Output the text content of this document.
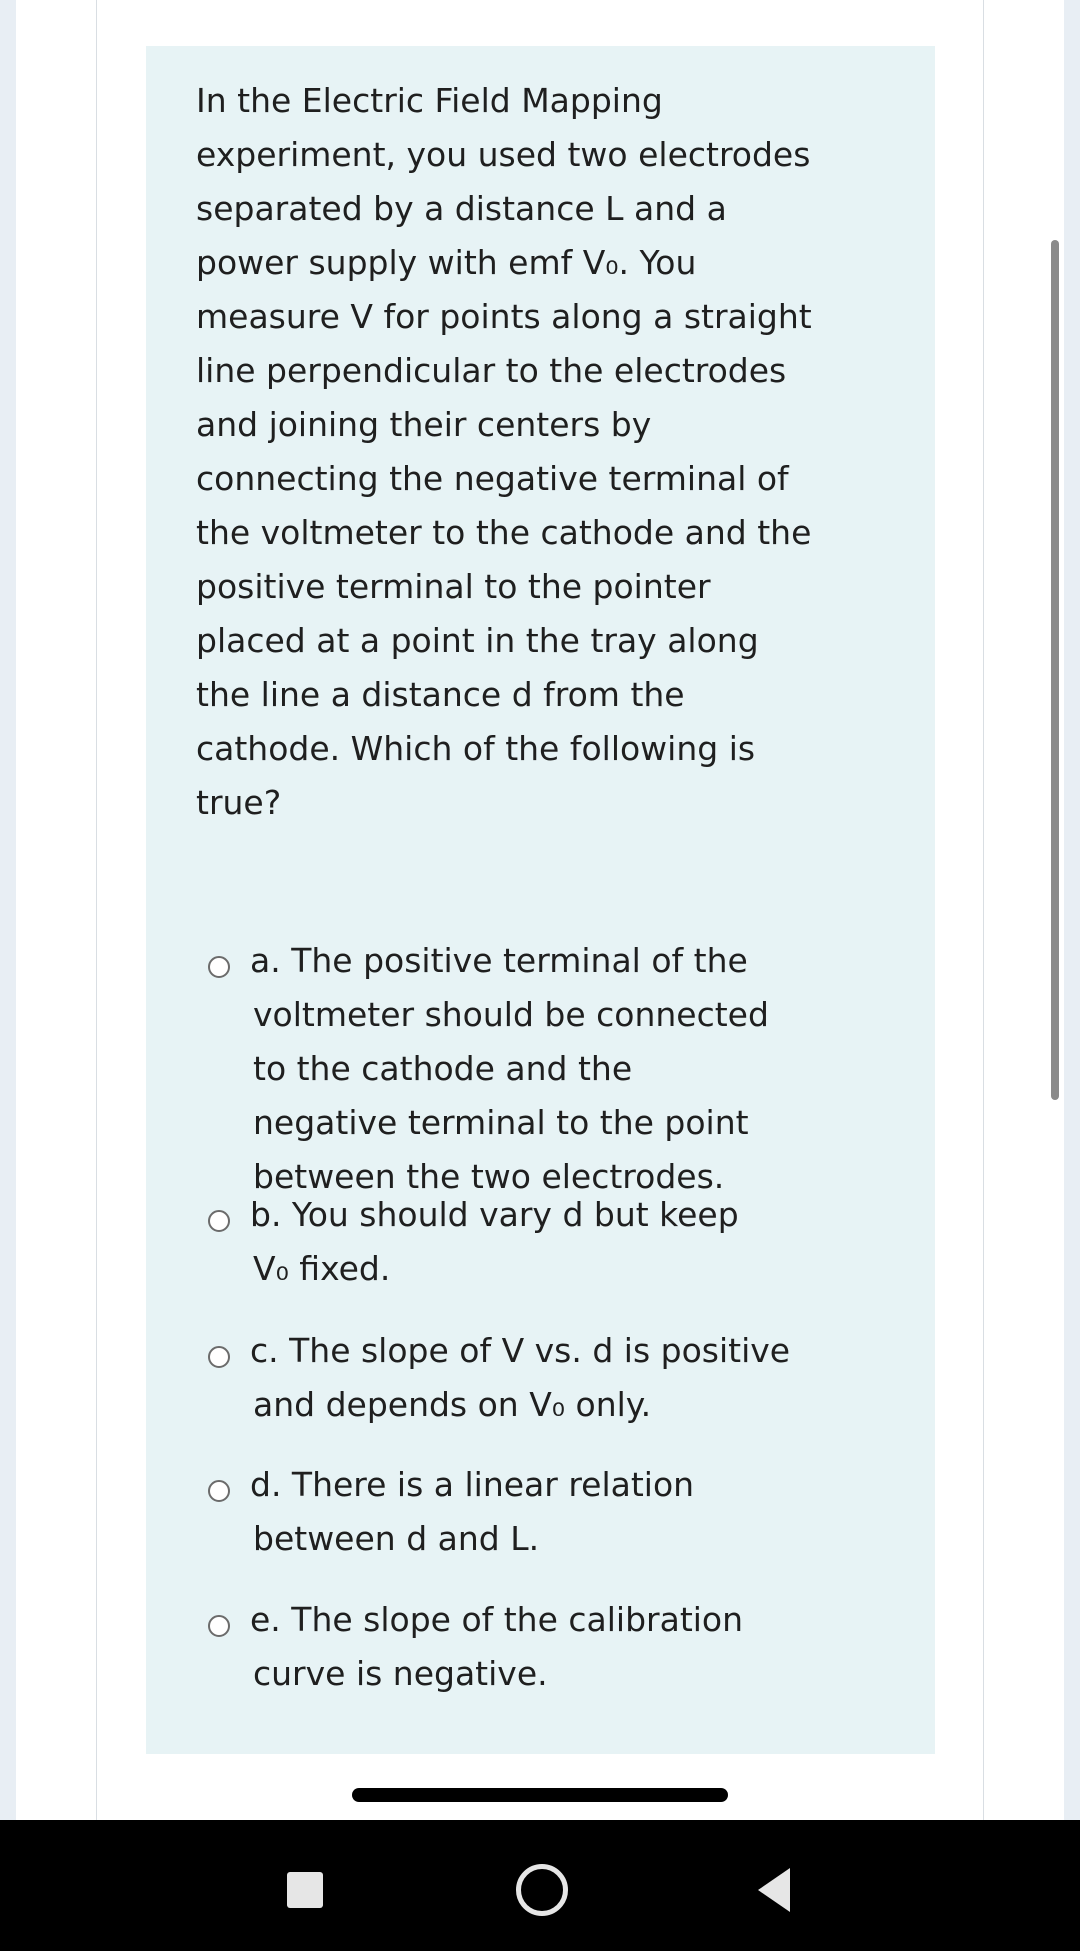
In the Electric Field Mapping
experiment, you used two electrodes
separated by a distance L and a
power supply with emf V₀. You
measure V for points along a straight
line perpendicular to the electrodes
and joining their centers by
connecting the negative terminal of
the voltmeter to the cathode and the
positive terminal to the pointer
placed at a point in the tray along
the line a distance d from the
cathode. Which of the following is
true?
a. The positive terminal of the
voltmeter should be connected
to the cathode and the
negative terminal to the point
between the two electrodes.
b. You should vary d but keep
V₀ fixed.
c. The slope of V vs. d is positive
and depends on V₀ only.
d. There is a linear relation
between d and L.
e. The slope of the calibration
curve is negative.
